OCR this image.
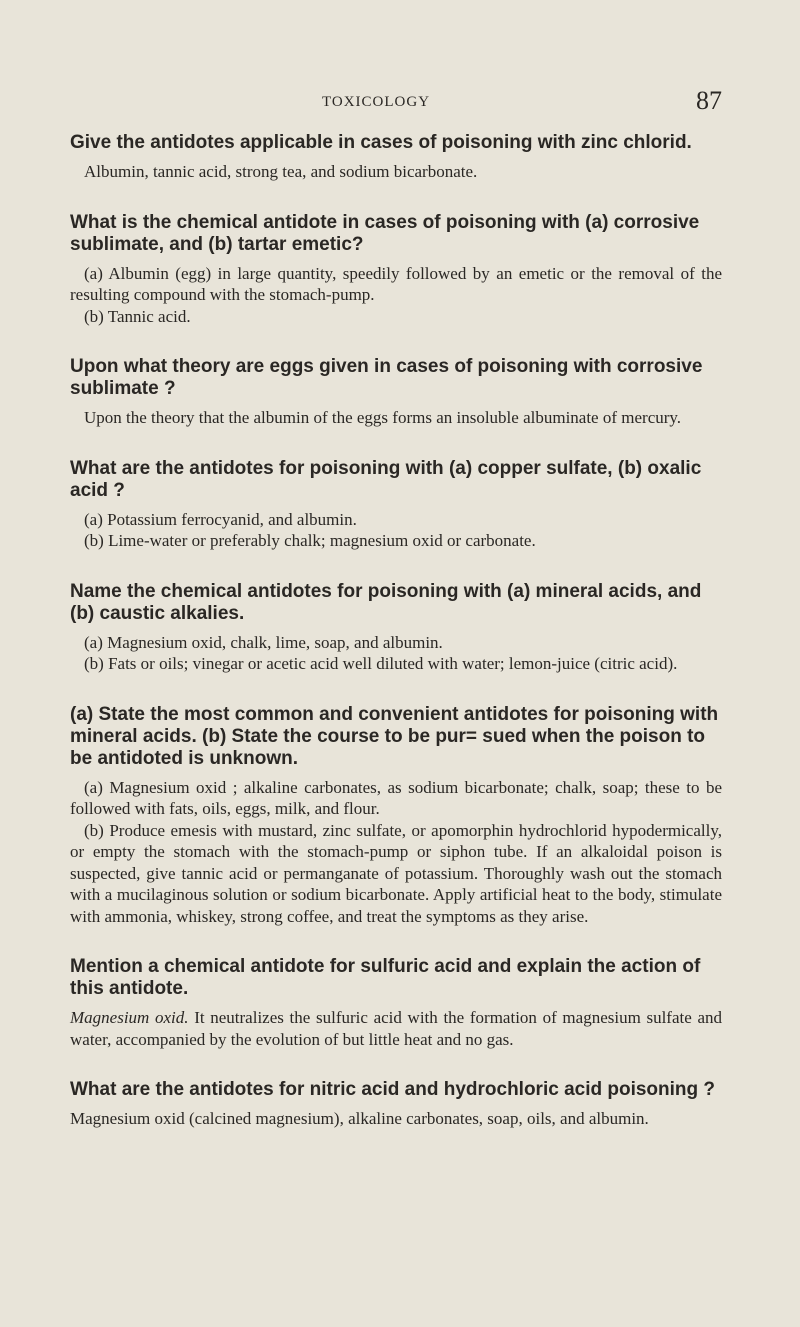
TOXICOLOGY	87
Give the antidotes applicable in cases of poisoning with zinc chlorid.

Albumin, tannic acid, strong tea, and sodium bicarbonate.

What is the chemical antidote in cases of poisoning with (a) corrosive sublimate, and (b) tartar emetic?

(a) Albumin (egg) in large quantity, speedily followed by an emetic or the removal of the resulting compound with the stomach-pump.

(b) Tannic acid.

Upon what theory are eggs given in cases of poisoning with corrosive sublimate ?

Upon the theory that the albumin of the eggs forms an insoluble albuminate of mercury.

What are the antidotes for poisoning with (a) copper sulfate, (b) oxalic acid ?

(a) Potassium ferrocyanid, and albumin.

(b) Lime-water or preferably chalk; magnesium oxid or carbonate.

Name the chemical antidotes for poisoning with (a) mineral acids, and (b) caustic alkalies.

(a) Magnesium oxid, chalk, lime, soap, and albumin.

(b) Fats or oils; vinegar or acetic acid well diluted with water; lemon-juice (citric acid).

(a) State the most common and convenient antidotes for poisoning with mineral acids. (b) State the course to be pur= sued when the poison to be antidoted is unknown.

(a) Magnesium oxid ; alkaline carbonates, as sodium bicarbonate; chalk, soap; these to be followed with fats, oils, eggs, milk, and flour.

(b) Produce emesis with mustard, zinc sulfate, or apomorphin hydrochlorid hypodermically, or empty the stomach with the stomach-pump or siphon tube. If an alkaloidal poison is suspected, give tannic acid or permanganate of potassium. Thoroughly wash out the stomach with a mucilaginous solution or sodium bicarbonate. Apply artificial heat to the body, stimulate with ammonia, whiskey, strong coffee, and treat the symptoms as they arise.

Mention a chemical antidote for sulfuric acid and explain the action of this antidote.

Magnesium oxid. It neutralizes the sulfuric acid with the formation of magnesium sulfate and water, accompanied by the evolution of but little heat and no gas.

What are the antidotes for nitric acid and hydrochloric acid poisoning ?

Magnesium oxid (calcined magnesium), alkaline carbonates, soap, oils, and albumin.
